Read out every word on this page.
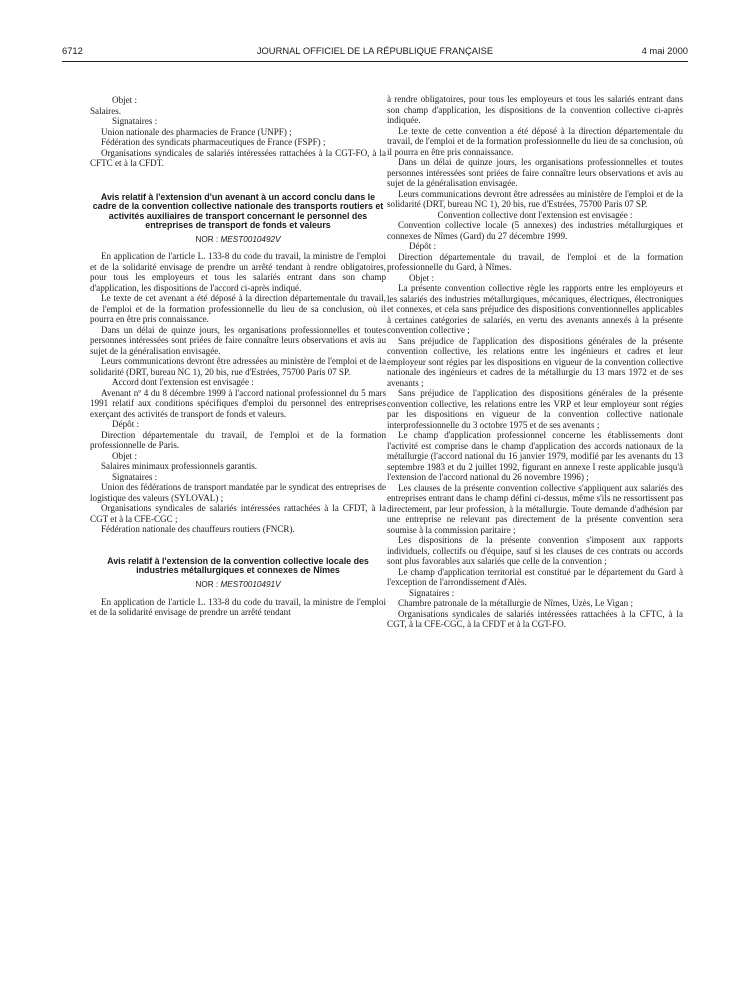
6712	JOURNAL OFFICIEL DE LA RÉPUBLIQUE FRANÇAISE	4 mai 2000

Objet :

Salaires.

Signataires :

Union nationale des pharmacies de France (UNPF) ;

Fédération des syndicats pharmaceutiques de France (FSPF) ;

Organisations syndicales de salariés intéressées rattachées à la CGT-FO, à la CFTC et à la CFDT.

Avis relatif à l'extension d'un avenant à un accord conclu dans le cadre de la convention collective nationale des transports routiers et activités auxiliaires de transport concernant le personnel des entreprises de transport de fonds et valeurs
NOR : MEST0010492V

En application de l'article L. 133-8 du code du travail, la ministre de l'emploi et de la solidarité envisage de prendre un arrêté tendant à rendre obligatoires, pour tous les employeurs et tous les salariés entrant dans son champ d'application, les dispositions de l'accord ci-après indiqué.

Le texte de cet avenant a été déposé à la direction départementale du travail, de l'emploi et de la formation professionnelle du lieu de sa conclusion, où il pourra en être pris connaissance.

Dans un délai de quinze jours, les organisations professionnelles et toutes personnes intéressées sont priées de faire connaître leurs observations et avis au sujet de la généralisation envisagée.

Leurs communications devront être adressées au ministère de l'emploi et de la solidarité (DRT, bureau NC 1), 20 bis, rue d'Estrées, 75700 Paris 07 SP.

Accord dont l'extension est envisagée :

Avenant nº 4 du 8 décembre 1999 à l'accord national professionnel du 5 mars 1991 relatif aux conditions spécifiques d'emploi du personnel des entreprises exerçant des activités de transport de fonds et valeurs.

Dépôt :

Direction départementale du travail, de l'emploi et de la formation professionnelle de Paris.

Objet :

Salaires minimaux professionnels garantis.

Signataires :

Union des fédérations de transport mandatée par le syndicat des entreprises de logistique des valeurs (SYLOVAL) ;

Organisations syndicales de salariés intéressées rattachées à la CFDT, à la CGT et à la CFE-CGC ;

Fédération nationale des chauffeurs routiers (FNCR).

Avis relatif à l'extension de la convention collective locale des industries métallurgiques et connexes de Nîmes
NOR : MEST0010491V

En application de l'article L. 133-8 du code du travail, la ministre de l'emploi et de la solidarité envisage de prendre un arrêté tendant

à rendre obligatoires, pour tous les employeurs et tous les salariés entrant dans son champ d'application, les dispositions de la convention collective ci-après indiquée.

Le texte de cette convention a été déposé à la direction départementale du travail, de l'emploi et de la formation professionnelle du lieu de sa conclusion, où il pourra en être pris connaissance.

Dans un délai de quinze jours, les organisations professionnelles et toutes personnes intéressées sont priées de faire connaître leurs observations et avis au sujet de la généralisation envisagée.

Leurs communications devront être adressées au ministère de l'emploi et de la solidarité (DRT, bureau NC 1), 20 bis, rue d'Estrées, 75700 Paris 07 SP.

Convention collective dont l'extension est envisagée :

Convention collective locale (5 annexes) des industries métallurgiques et connexes de Nîmes (Gard) du 27 décembre 1999.

Dépôt :

Direction départementale du travail, de l'emploi et de la formation professionnelle du Gard, à Nîmes.

Objet :

La présente convention collective règle les rapports entre les employeurs et les salariés des industries métallurgiques, mécaniques, électriques, électroniques et connexes, et cela sans préjudice des dispositions conventionnelles applicables à certaines catégories de salariés, en vertu des avenants annexés à la présente convention collective ;

Sans préjudice de l'application des dispositions générales de la présente convention collective, les relations entre les ingénieurs et cadres et leur employeur sont régies par les dispositions en vigueur de la convention collective nationale des ingénieurs et cadres de la métallurgie du 13 mars 1972 et de ses avenants ;

Sans préjudice de l'application des dispositions générales de la présente convention collective, les relations entre les VRP et leur employeur sont régies par les dispositions en vigueur de la convention collective nationale interprofessionnelle du 3 octobre 1975 et de ses avenants ;

Le champ d'application professionnel concerne les établissements dont l'activité est comprise dans le champ d'application des accords nationaux de la métallurgie (l'accord national du 16 janvier 1979, modifié par les avenants du 13 septembre 1983 et du 2 juillet 1992, figurant en annexe I reste applicable jusqu'à l'extension de l'accord national du 26 novembre 1996) ;

Les clauses de la présente convention collective s'appliquent aux salariés des entreprises entrant dans le champ défini ci-dessus, même s'ils ne ressortissent pas directement, par leur profession, à la métallurgie. Toute demande d'adhésion par une entreprise ne relevant pas directement de la présente convention sera soumise à la commission paritaire ;

Les dispositions de la présente convention s'imposent aux rapports individuels, collectifs ou d'équipe, sauf si les clauses de ces contrats ou accords sont plus favorables aux salariés que celle de la convention ;

Le champ d'application territorial est constitué par le département du Gard à l'exception de l'arrondissement d'Alès.

Signataires :

Chambre patronale de la métallurgie de Nîmes, Uzès, Le Vigan ;

Organisations syndicales de salariés intéressées rattachées à la CFTC, à la CGT, à la CFE-CGC, à la CFDT et à la CGT-FO.
